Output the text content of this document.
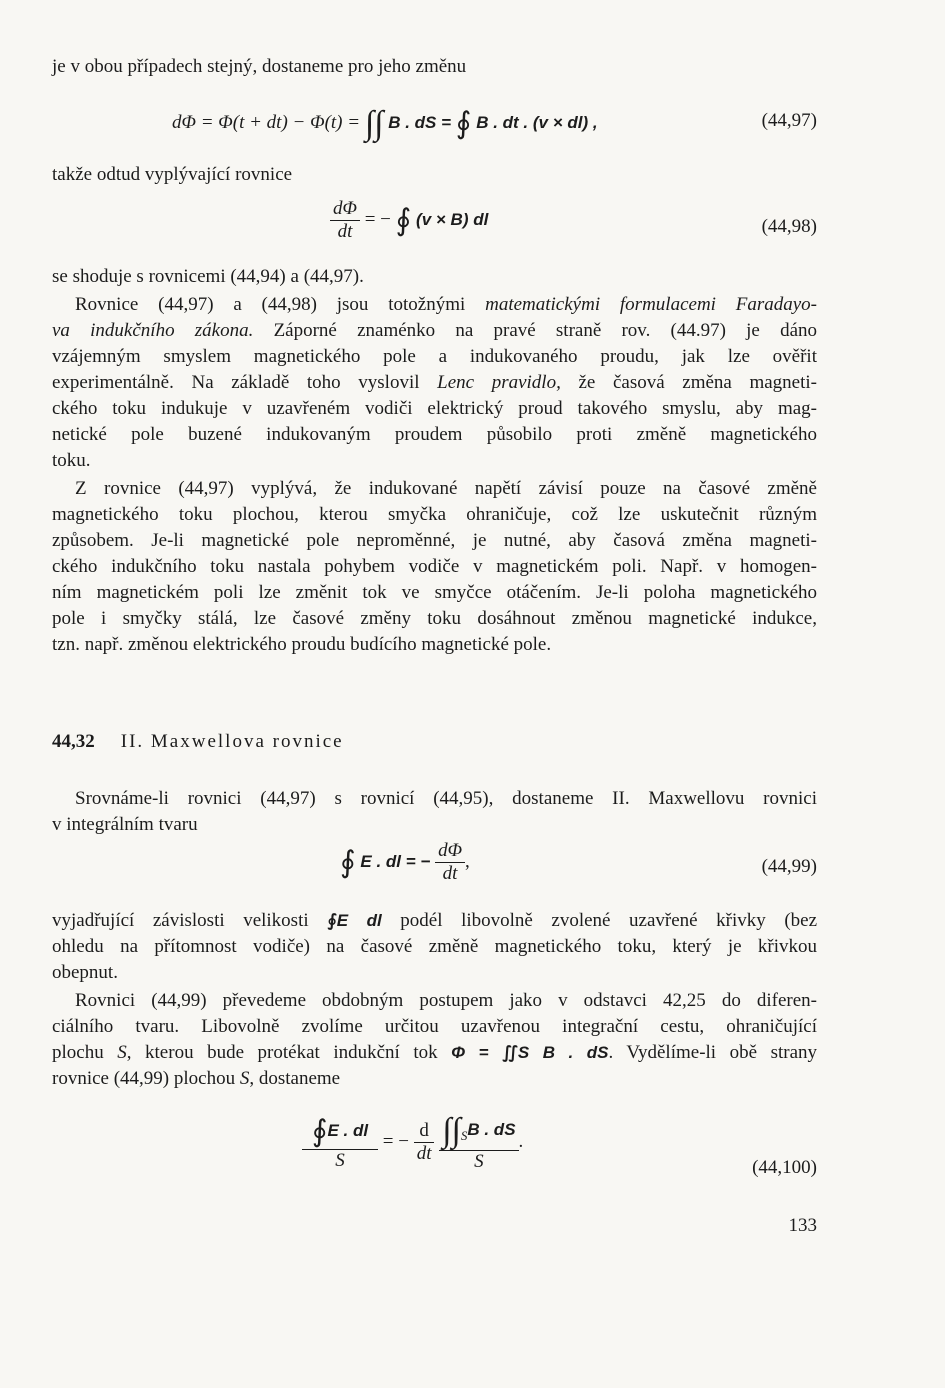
je v obou případech stejný, dostaneme pro jeho změnu
dΦ = Φ(t + dt) − Φ(t) = ∫∫ B . dS = ∮ B . dt . (v × dl) ,	(44,97)
takže odtud vyplývající rovnice
$\frac{d\Phi}{dt}$ = − ∮ (v × B) dl	(44,98)
se shoduje s rovnicemi (44,94) a (44,97).
Rovnice (44,97) a (44,98) jsou totožnými matematickými formulacemi Faradayo-
va indukčního zákona. Záporné znaménko na pravé straně rov. (44.97) je dáno
vzájemným smyslem magnetického pole a indukovaného proudu, jak lze ověřit
experimentálně. Na základě toho vyslovil Lenc pravidlo, že časová změna magneti-
ckého toku indukuje v uzavřeném vodiči elektrický proud takového smyslu, aby mag-
netické pole buzené indukovaným proudem působilo proti změně magnetického
toku.
Z rovnice (44,97) vyplývá, že indukované napětí závisí pouze na časové změně
magnetického toku plochou, kterou smyčka ohraničuje, což lze uskutečnit různým
způsobem. Je-li magnetické pole neproměnné, je nutné, aby časová změna magneti-
ckého indukčního toku nastala pohybem vodiče v magnetickém poli. Např. v homogen-
ním magnetickém poli lze změnit tok ve smyčce otáčením. Je-li poloha magnetického
pole i smyčky stálá, lze časové změny toku dosáhnout změnou magnetické indukce,
tzn. např. změnou elektrického proudu budícího magnetické pole.
44,32 II. Maxwellova rovnice
Srovnáme-li rovnici (44,97) s rovnicí (44,95), dostaneme II. Maxwellovu rovnici
v integrálním tvaru
∮ E . dl = − $\frac{d\Phi}{dt}$ ,	(44,99)
vyjadřující závislosti velikosti ∮E dl podél libovolně zvolené uzavřené křivky (bez
ohledu na přítomnost vodiče) na časové změně magnetického toku, který je křivkou
obepnut.
Rovnici (44,99) převedeme obdobným postupem jako v odstavci 42,25 do diferen-
ciálního tvaru. Libovolně zvolíme určitou uzavřenou integrační cestu, ohraničující
plochu S, kterou bude protékat indukční tok Φ = ∬S B . dS. Vydělíme-li obě strany
rovnice (44,99) plochou S, dostaneme
$\frac{∮E . dl}{S}$ = − $\frac{d}{dt}$
$\frac{\int\int_SB . dS}{S}$ .
(44,100)
133
